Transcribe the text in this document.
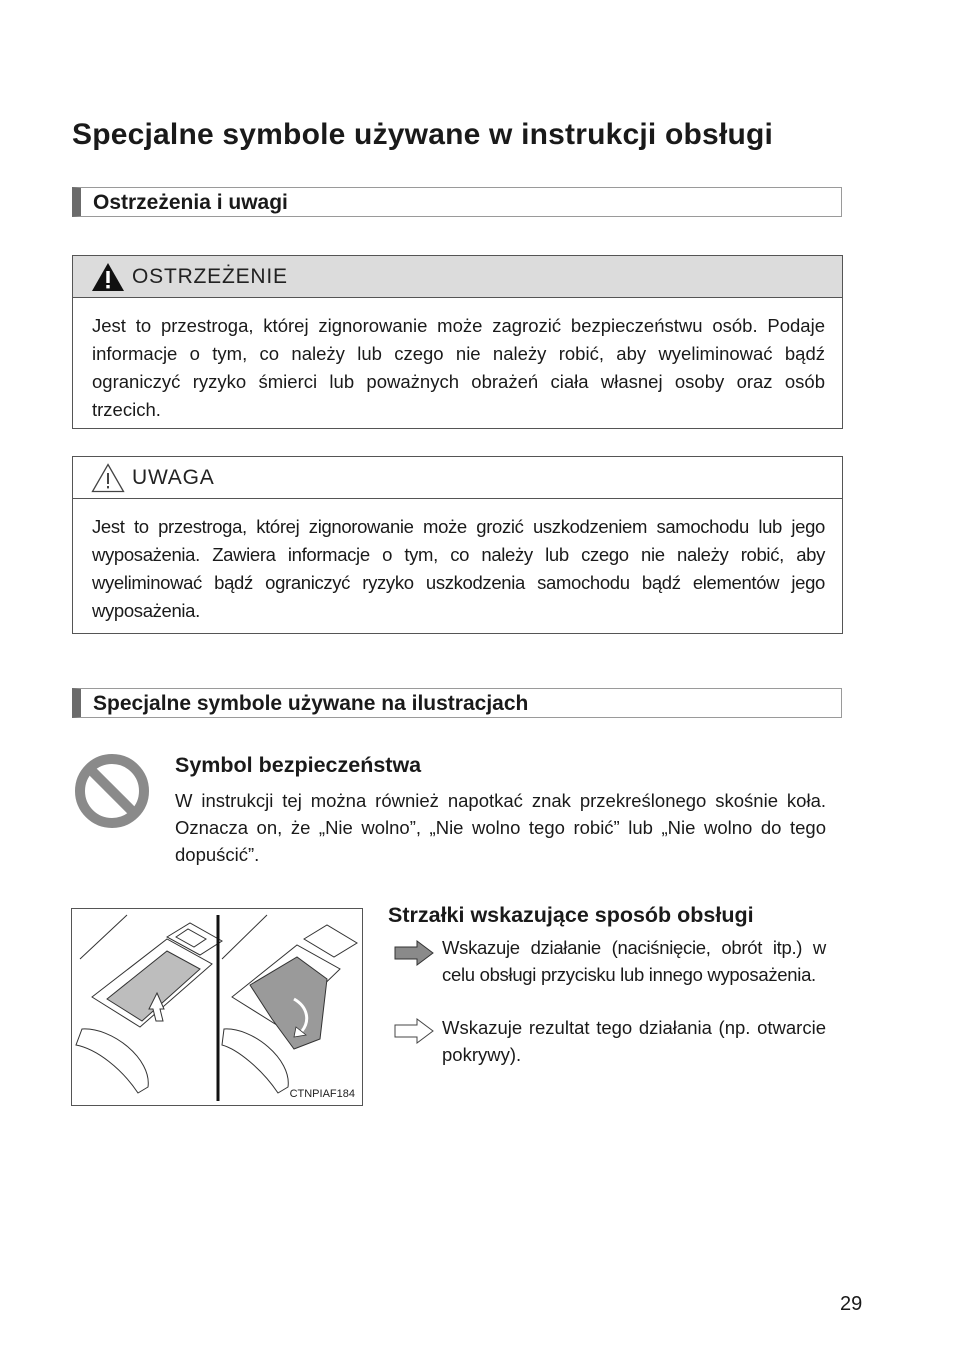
Specjalne symbole używane w instrukcji obsługi
Ostrzeżenia i uwagi
OSTRZEŻENIE
Jest to przestroga, której zignorowanie może zagrozić bezpieczeństwu osób. Podaje informacje o tym, co należy lub czego nie należy robić, aby wyeliminować bądź ograniczyć ryzyko śmierci lub poważnych obrażeń ciała własnej osoby oraz osób trzecich.
UWAGA
Jest to przestroga, której zignorowanie może grozić uszkodzeniem samochodu lub jego wyposażenia. Zawiera informacje o tym, co należy lub czego nie należy robić, aby wyeliminować bądź ograniczyć ryzyko uszkodzenia samochodu bądź elementów jego wyposażenia.
Specjalne symbole używane na ilustracjach
Symbol bezpieczeństwa
W instrukcji tej można również napotkać znak przekreślonego skośnie koła. Oznacza on, że „Nie wolno”, „Nie wolno tego robić” lub „Nie wolno do tego dopuścić”.
CTNPIAF184
Strzałki wskazujące sposób obsługi
Wskazuje działanie (naciśnięcie, obrót itp.) w celu obsługi przycisku lub innego wyposażenia.
Wskazuje rezultat tego działania (np. otwarcie pokrywy).
29
